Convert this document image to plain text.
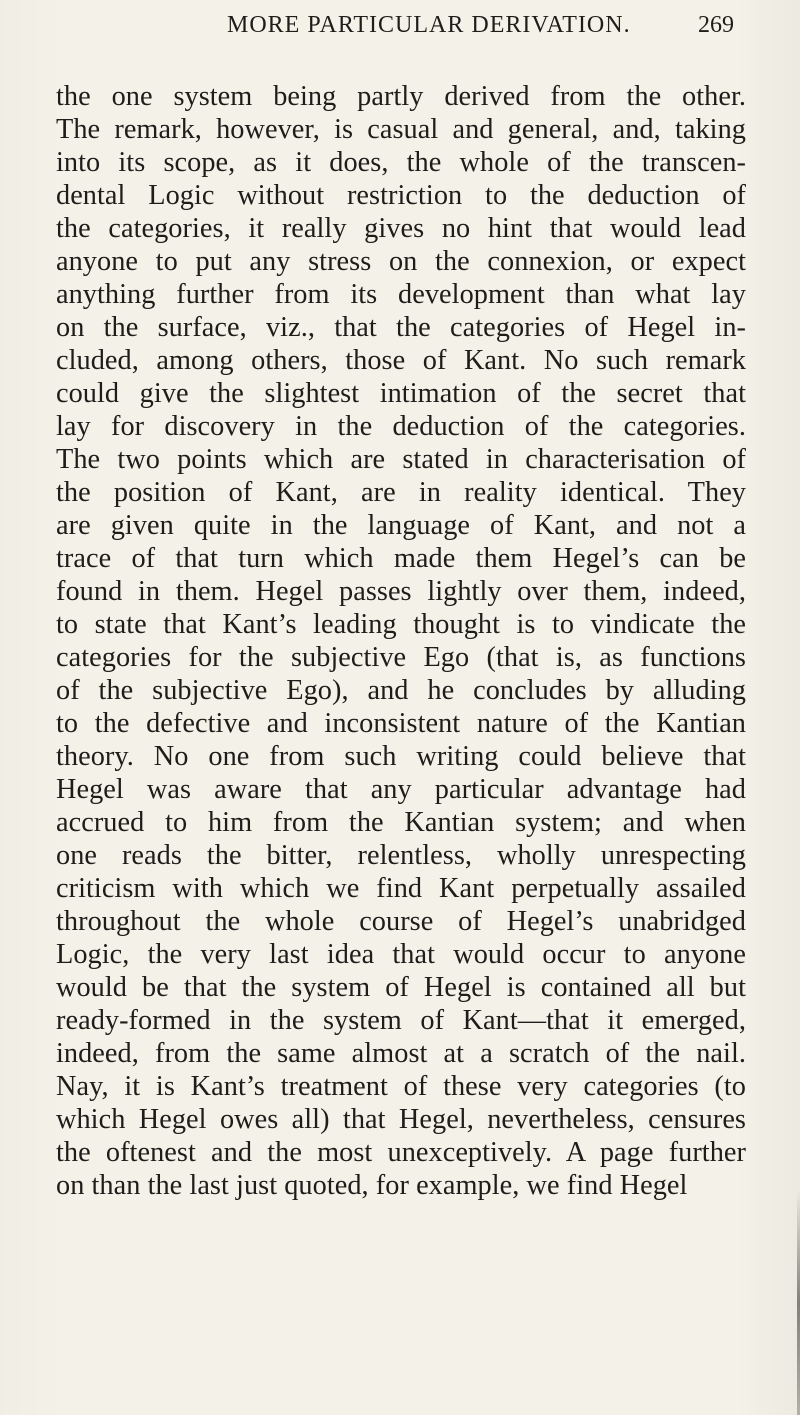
MORE PARTICULAR DERIVATION.	269
the one system being partly derived from the other.
The remark, however, is casual and general, and, taking
into its scope, as it does, the whole of the transcen-
dental Logic without restriction to the deduction of
the categories, it really gives no hint that would lead
anyone to put any stress on the connexion, or expect
anything further from its development than what lay
on the surface, viz., that the categories of Hegel in-
cluded, among others, those of Kant. No such remark
could give the slightest intimation of the secret that
lay for discovery in the deduction of the categories.
The two points which are stated in characterisation of
the position of Kant, are in reality identical. They
are given quite in the language of Kant, and not a
trace of that turn which made them Hegel’s can be
found in them. Hegel passes lightly over them, indeed,
to state that Kant’s leading thought is to vindicate the
categories for the subjective Ego (that is, as functions
of the subjective Ego), and he concludes by alluding
to the defective and inconsistent nature of the Kantian
theory. No one from such writing could believe that
Hegel was aware that any particular advantage had
accrued to him from the Kantian system; and when
one reads the bitter, relentless, wholly unrespecting
criticism with which we find Kant perpetually assailed
throughout the whole course of Hegel’s unabridged
Logic, the very last idea that would occur to anyone
would be that the system of Hegel is contained all but
ready-formed in the system of Kant—that it emerged,
indeed, from the same almost at a scratch of the nail.
Nay, it is Kant’s treatment of these very categories (to
which Hegel owes all) that Hegel, nevertheless, censures
the oftenest and the most unexceptively. A page further
on than the last just quoted, for example, we find Hegel
